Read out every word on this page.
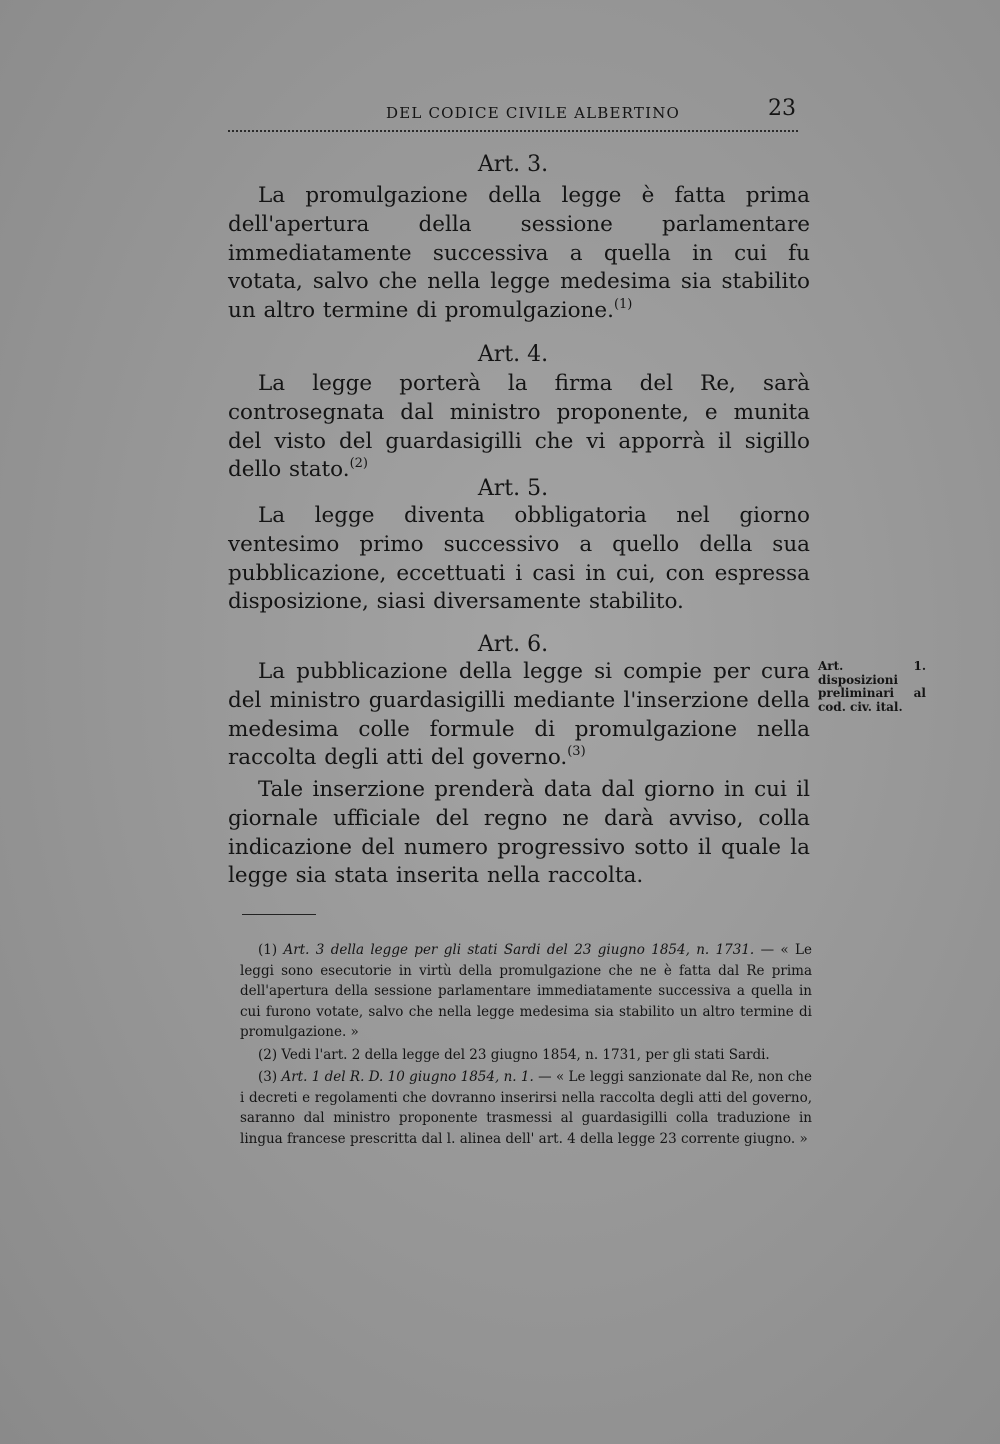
DEL CODICE CIVILE ALBERTINO	23
Art. 3.

La promulgazione della legge è fatta prima dell'apertura della sessione parlamentare immediatamente successiva a quella in cui fu votata, salvo che nella legge medesima sia stabilito un altro termine di promulgazione.$^{(1)}$

Art. 4.

La legge porterà la firma del Re, sarà controsegnata dal ministro proponente, e munita del visto del guardasigilli che vi apporrà il sigillo dello stato.$^{(2)}$

Art. 5.

La legge diventa obbligatoria nel giorno ventesimo primo successivo a quello della sua pubblicazione, eccettuati i casi in cui, con espressa disposizione, siasi diversamente stabilito.

Art. 6.

La pubblicazione della legge si compie per cura del ministro guardasigilli mediante l'inserzione della medesima colle formule di promulgazione nella raccolta degli atti del governo.$^{(3)}$

Tale inserzione prenderà data dal giorno in cui il giornale ufficiale del regno ne darà avviso, colla indicazione del numero progressivo sotto il quale la legge sia stata inserita nella raccolta.

Art. 1. disposizioni preliminari al cod. civ. ital.

(1) Art. 3 della legge per gli stati Sardi del 23 giugno 1854, n. 1731. — « Le leggi sono esecutorie in virtù della promulgazione che ne è fatta dal Re prima dell'apertura della sessione parlamentare immediatamente successiva a quella in cui furono votate, salvo che nella legge medesima sia stabilito un altro termine di promulgazione. »

(2) Vedi l'art. 2 della legge del 23 giugno 1854, n. 1731, per gli stati Sardi.

(3) Art. 1 del R. D. 10 giugno 1854, n. 1. — « Le leggi sanzionate dal Re, non che i decreti e regolamenti che dovranno inserirsi nella raccolta degli atti del governo, saranno dal ministro proponente trasmessi al guardasigilli colla traduzione in lingua francese prescritta dal l. alinea dell' art. 4 della legge 23 corrente giugno. »
